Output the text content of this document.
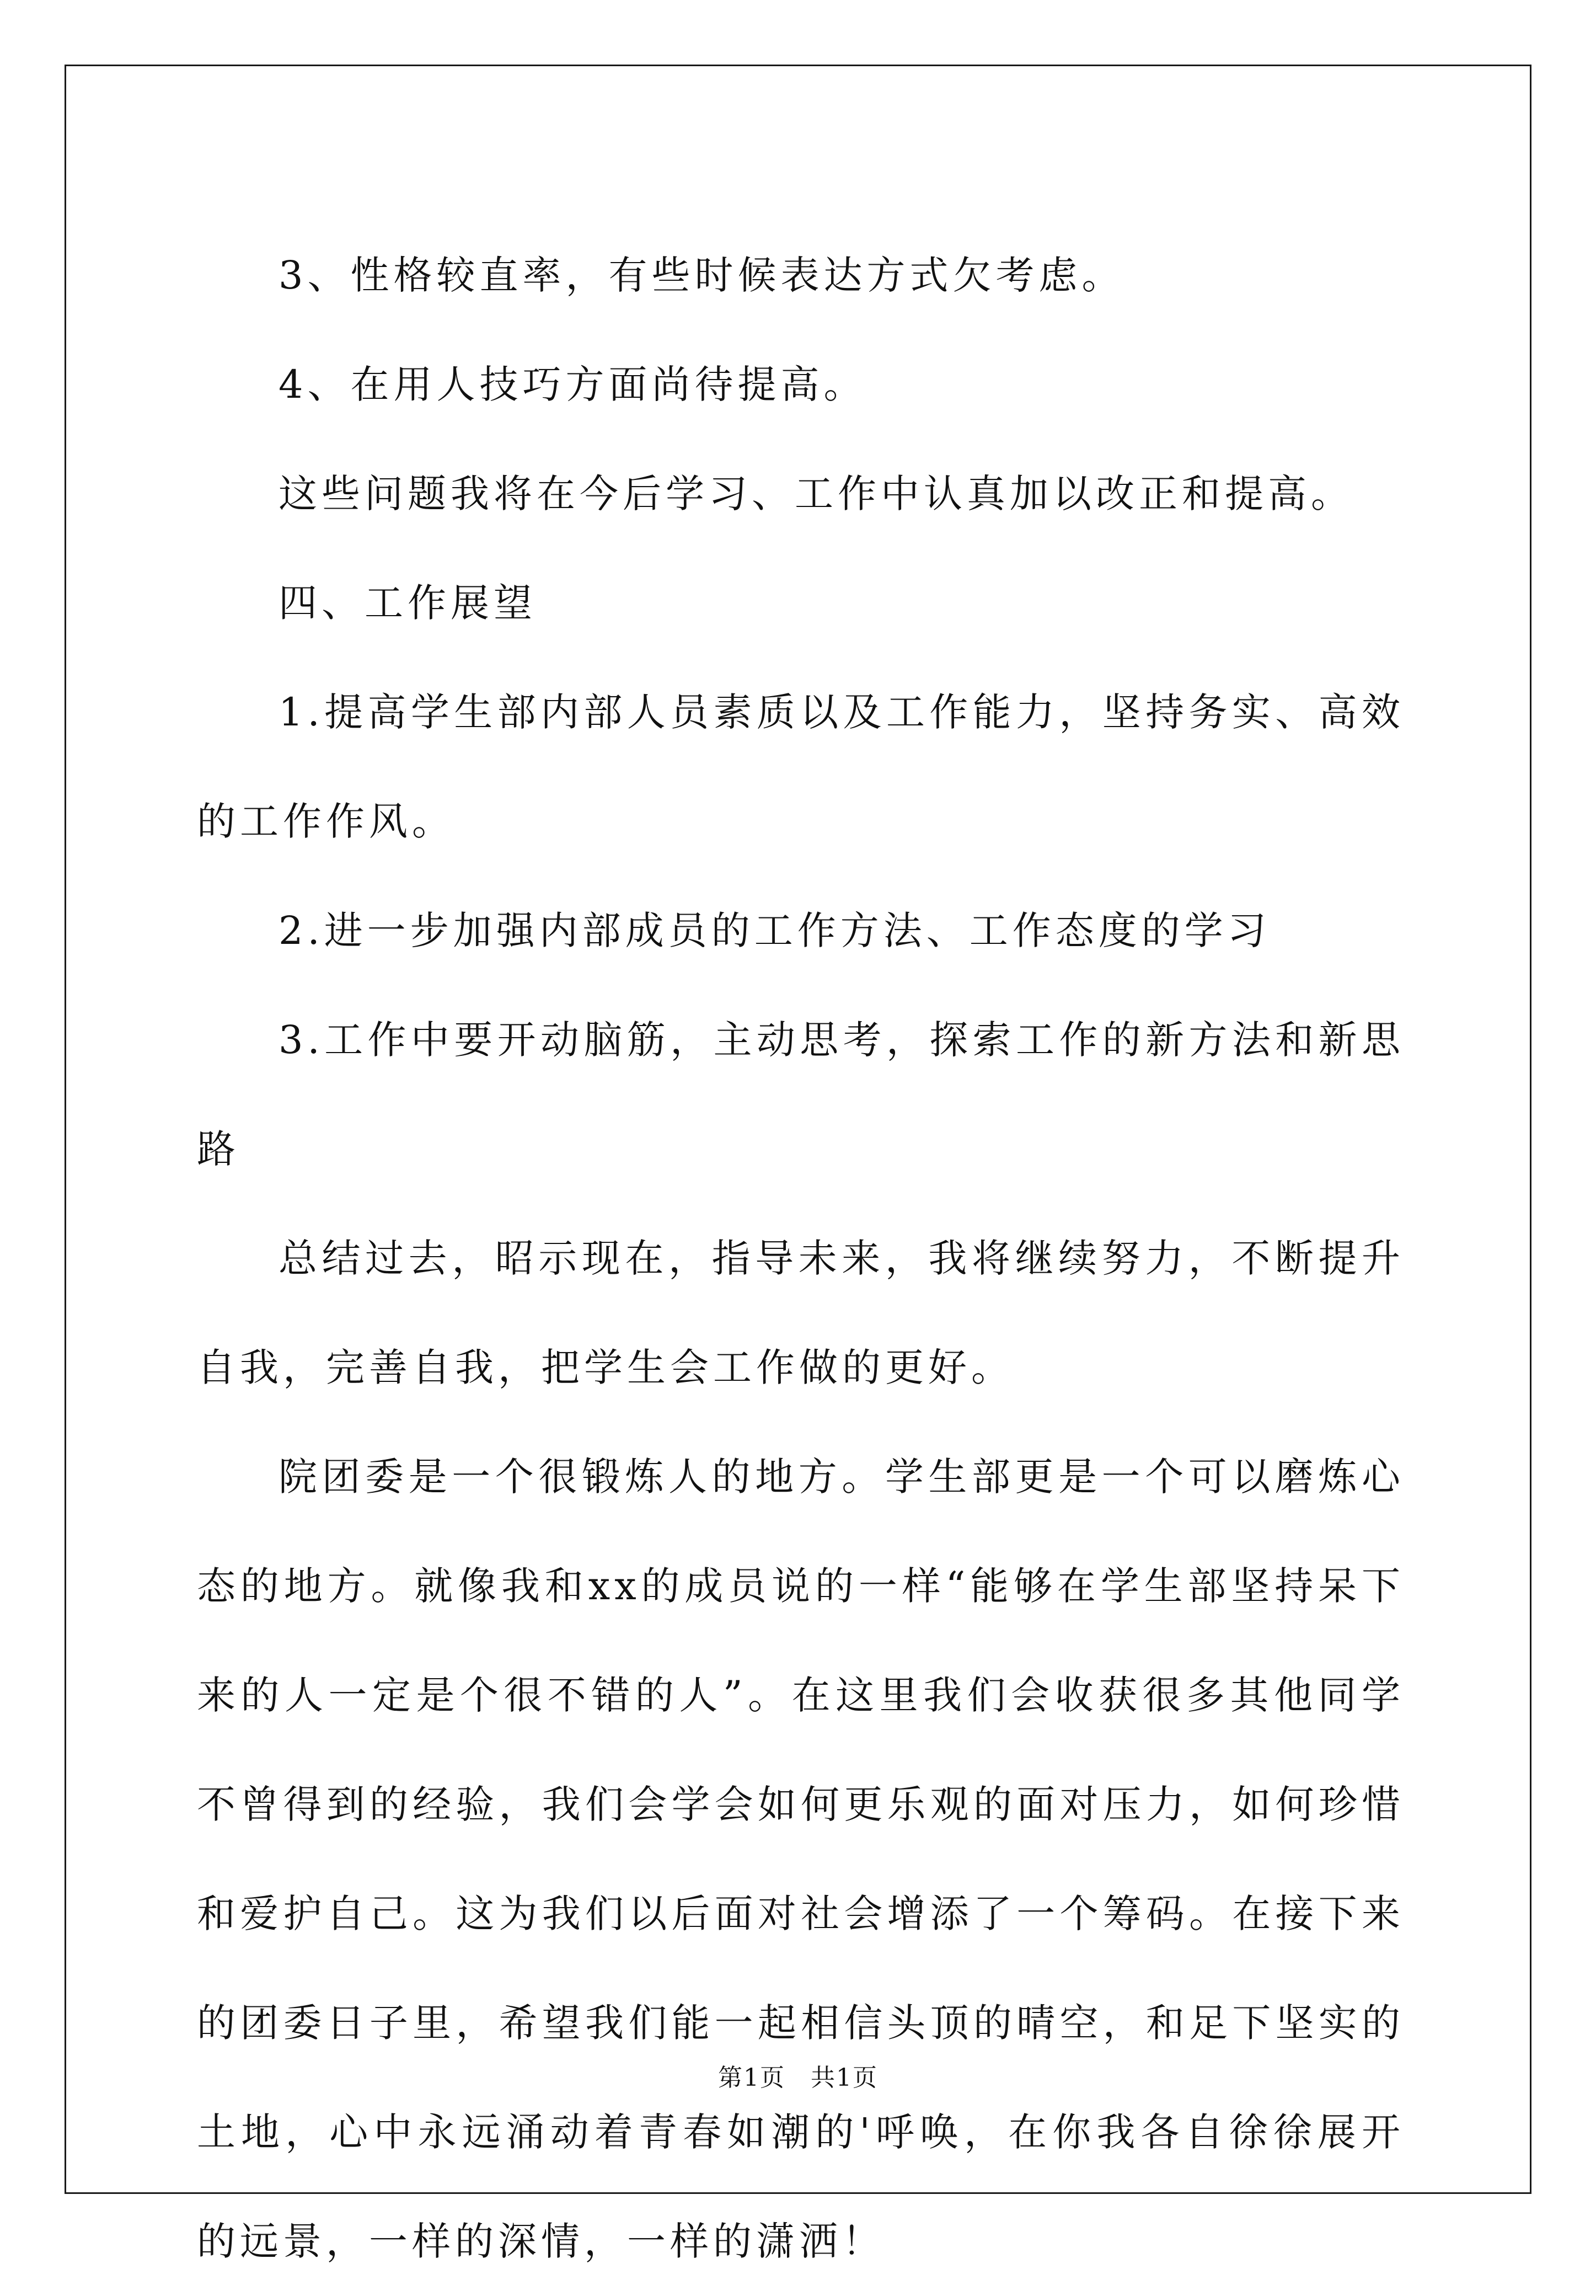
3、性格较直率，有些时候表达方式欠考虑。

4、在用人技巧方面尚待提高。

这些问题我将在今后学习、工作中认真加以改正和提高。

四、工作展望

1.提高学生部内部人员素质以及工作能力，坚持务实、高效的工作作风。

2.进一步加强内部成员的工作方法、工作态度的学习

3.工作中要开动脑筋，主动思考，探索工作的新方法和新思路

总结过去，昭示现在，指导未来，我将继续努力，不断提升自我，完善自我，把学生会工作做的更好。

院团委是一个很锻炼人的地方。学生部更是一个可以磨炼心态的地方。就像我和xx的成员说的一样“能够在学生部坚持呆下来的人一定是个很不错的人”。在这里我们会收获很多其他同学不曾得到的经验，我们会学会如何更乐观的面对压力，如何珍惜和爱护自己。这为我们以后面对社会增添了一个筹码。在接下来的团委日子里，希望我们能一起相信头顶的晴空，和足下坚实的土地，心中永远涌动着青春如潮的'呼唤，在你我各自徐徐展开的远景，一样的深情，一样的潇洒！

第1页　共1页
